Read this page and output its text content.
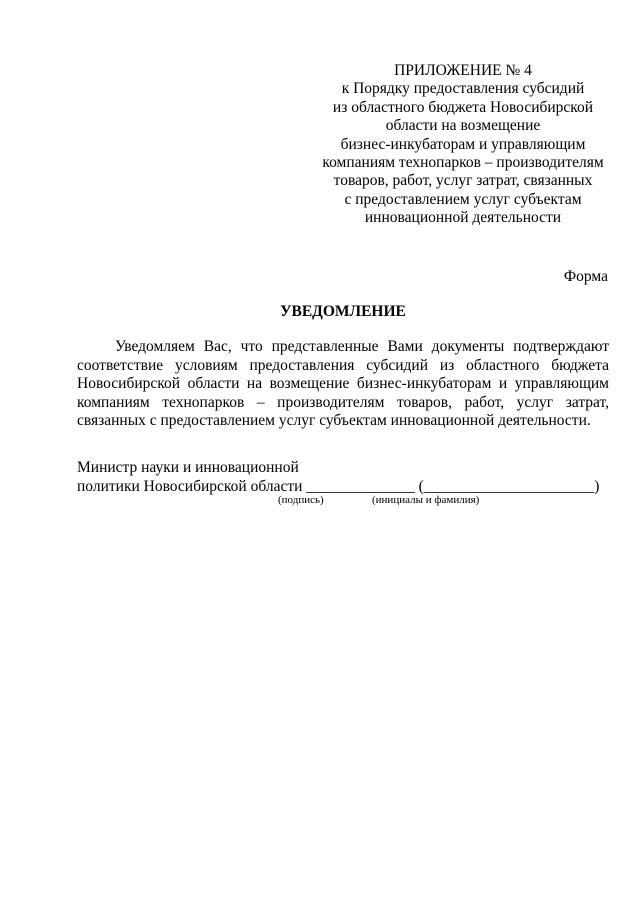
ПРИЛОЖЕНИЕ № 4
к Порядку предоставления субсидий
из областного бюджета Новосибирской
области на возмещение
бизнес-инкубаторам и управляющим
компаниям технопарков – производителям
товаров, работ, услуг затрат, связанных
с предоставлением услуг субъектам
инновационной деятельности
Форма
УВЕДОМЛЕНИЕ

Уведомляем Вас, что представленные Вами документы подтверждают соответствие условиям предоставления субсидий из областного бюджета Новосибирской области на возмещение бизнес-инкубаторам и управляющим компаниям технопарков – производителям товаров, работ, услуг затрат, связанных с предоставлением услуг субъектам инновационной деятельности.

Министр науки и инновационной
политики Новосибирской области ______________ (______________________)
(подпись)	(инициалы и фамилия)
